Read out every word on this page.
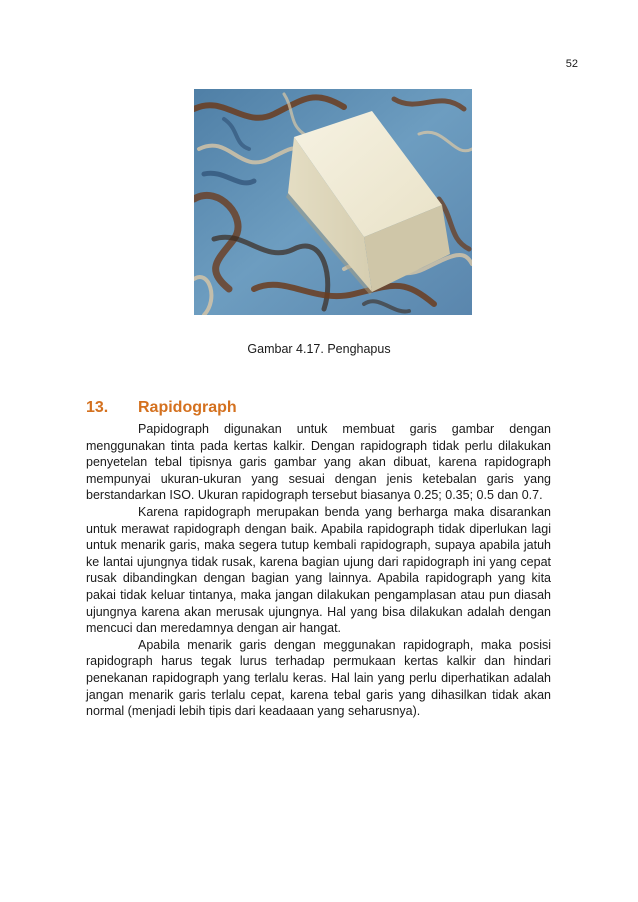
52
Gambar 4.17. Penghapus
13. Rapidograph

Papidograph digunakan untuk membuat garis gambar dengan menggunakan tinta pada kertas kalkir. Dengan rapidograph tidak perlu dilakukan penyetelan tebal tipisnya garis gambar yang akan dibuat, karena rapidograph mempunyai ukuran-ukuran yang sesuai dengan jenis ketebalan garis yang berstandarkan ISO. Ukuran rapidograph tersebut biasanya 0.25; 0.35; 0.5 dan 0.7.

Karena rapidograph merupakan benda yang berharga maka disarankan untuk merawat rapidograph dengan baik. Apabila rapidograph tidak diperlukan lagi untuk menarik garis, maka segera tutup kembali rapidograph, supaya apabila jatuh ke lantai ujungnya tidak rusak, karena bagian ujung dari rapidograph ini yang cepat rusak dibandingkan dengan bagian yang lainnya. Apabila rapidograph yang kita pakai tidak keluar tintanya, maka jangan dilakukan pengamplasan atau pun diasah ujungnya karena akan merusak ujungnya. Hal yang bisa dilakukan adalah dengan mencuci dan meredamnya dengan air hangat.

Apabila menarik garis dengan meggunakan rapidograph, maka posisi rapidograph harus tegak lurus terhadap permukaan kertas kalkir dan hindari penekanan rapidograph yang terlalu keras. Hal lain yang perlu diperhatikan adalah jangan menarik garis terlalu cepat, karena tebal garis yang dihasilkan tidak akan normal (menjadi lebih tipis dari keadaaan yang seharusnya).
